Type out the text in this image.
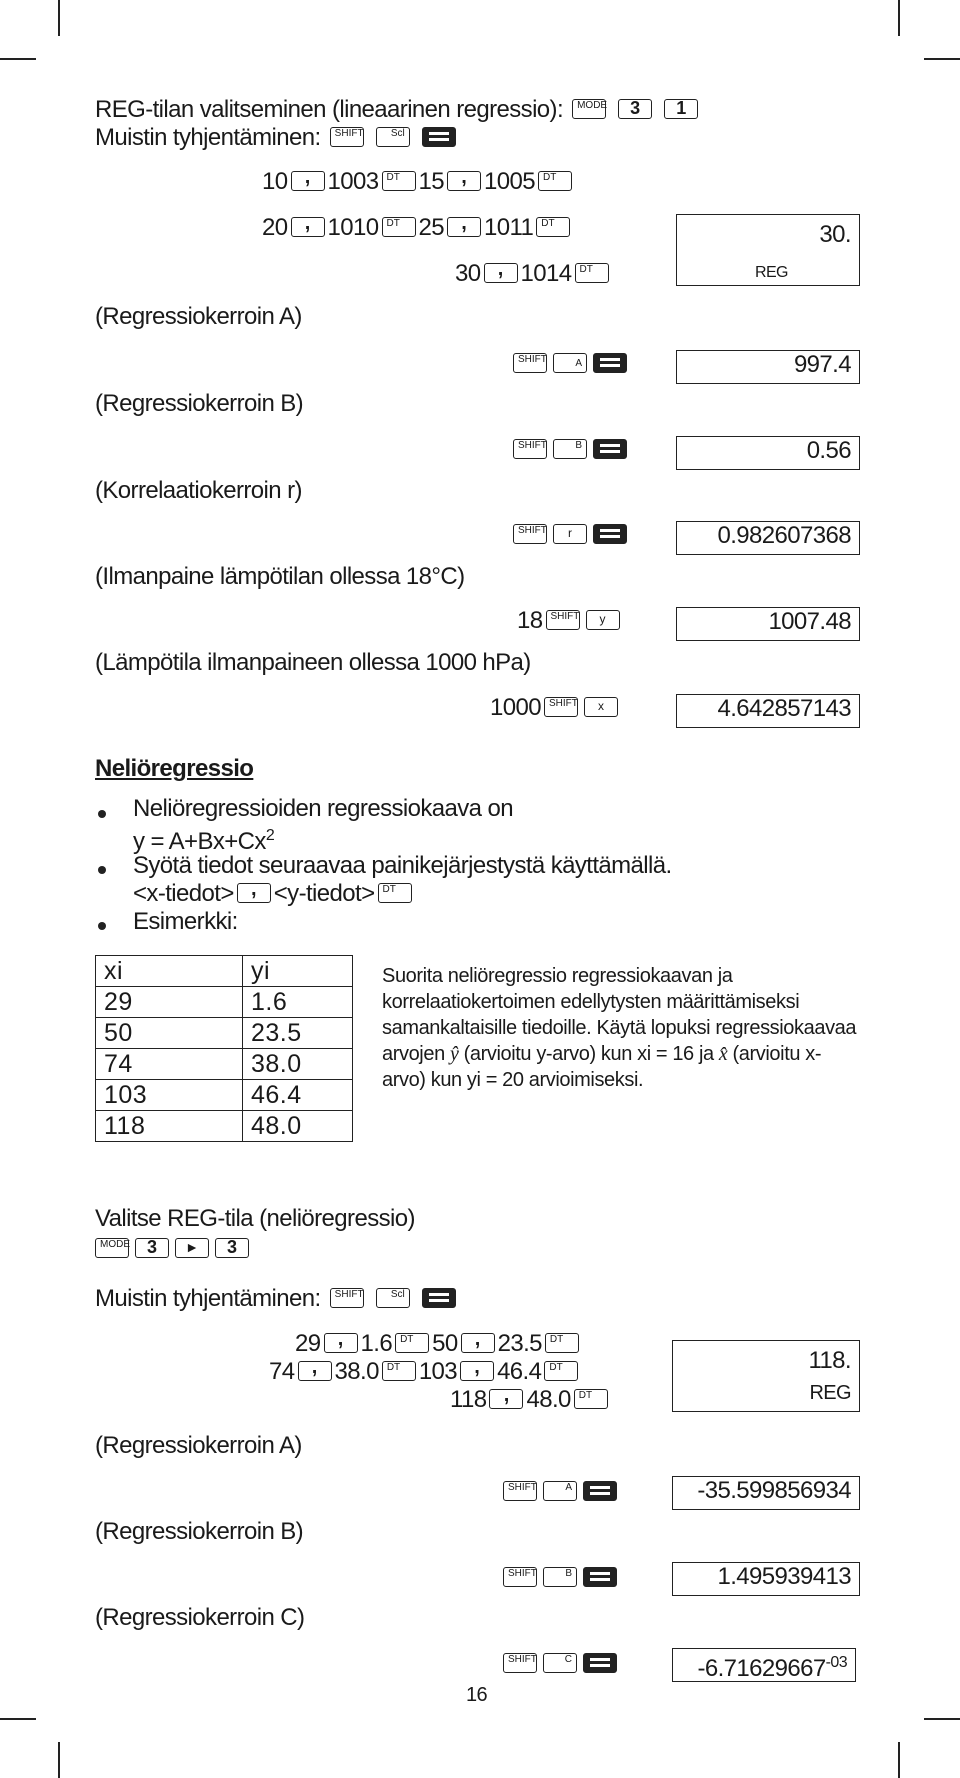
REG-tilan valitseminen (lineaarinen regressio): MODE
	3
	1
Muistin tyhjentäminen: SHIFT
	Scl

10 , 1003 DT 15 , 1005 DT
20 , 1010 DT 25 , 1011 DT
30 , 1014 DT
30.
REG
(Regressiokerroin A)
SHIFT	A	997.4
(Regressiokerroin B)
SHIFT	B	0.56
(Korrelaatiokerroin r)
SHIFT	r	0.982607368
(Ilmanpaine lämpötilan ollessa 18°C)
18 SHIFT	y	1007.48
(Lämpötila ilmanpaineen ollessa 1000 hPa)
1000 SHIFT	x	4.642857143
Neliöregressio
Neliöregressioiden regressiokaava on
$y = A+Bx+Cx^2$
Syötä tiedot seuraavaa painikejärjestystä käyttämällä.
<x-tiedot> , <y-tiedot> DT
Esimerkki:
xi	yi
29	1.6
50	23.5
74	38.0
103	46.4
118	48.0
Suorita neliöregressio regressiokaavan ja korrelaatiokertoimen edellytysten määrittämiseksi samankaltaisille tiedoille. Käytä lopuksi regressiokaavaa arvojen ŷ (arvioitu y-arvo) kun xi = 16 ja x̂ (arvioitu x-arvo) kun yi = 20 arvioimiseksi.
Valitse REG-tila (neliöregressio)
MODE 3	►	3
Muistin tyhjentäminen: SHIFT
	Scl

29 , 1.6 DT 50 , 23.5 DT
74 , 38.0 DT 103 , 46.4 DT
118 , 48.0 DT
118.
REG
(Regressiokerroin A)
SHIFT	A	-35.599856934
(Regressiokerroin B)
SHIFT	B	1.495939413
(Regressiokerroin C)
SHIFT	C	$-6.71629667^{-03}$
16
